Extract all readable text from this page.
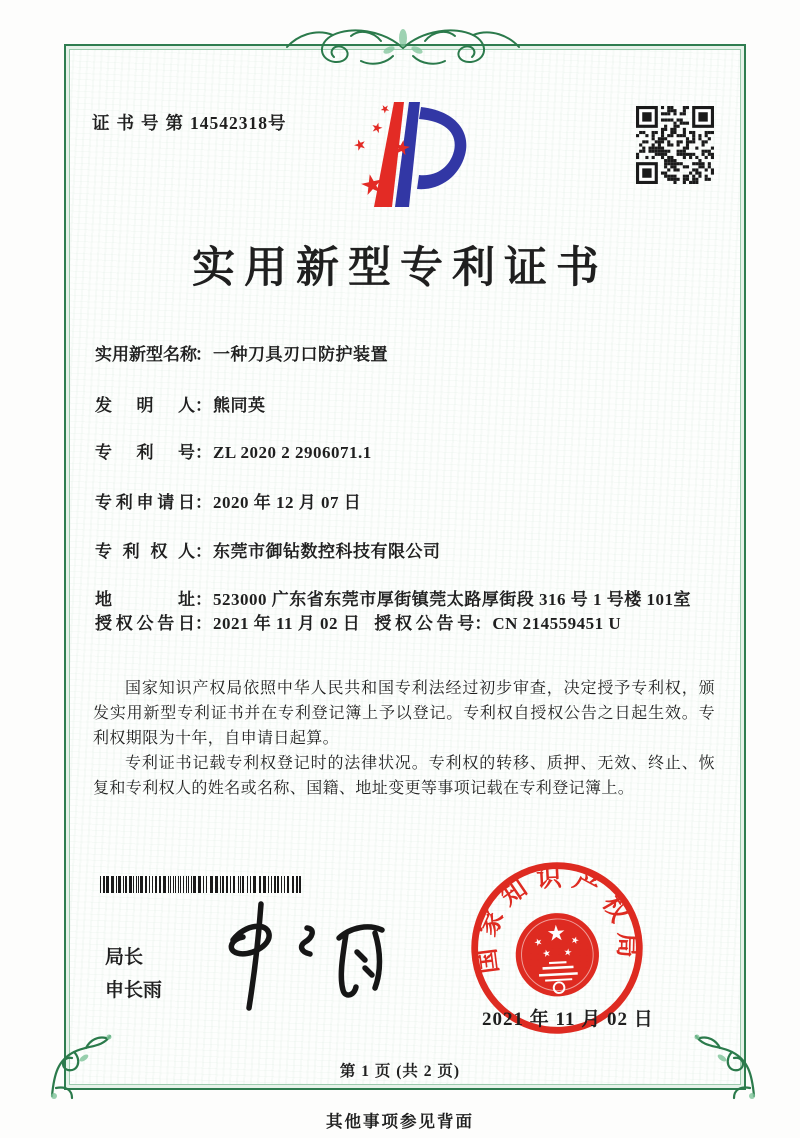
证书号第14542318号
实用新型专利证书
实用新型名称：一种刀具刃口防护装置
发明人：熊同英
专利号：ZL 2020 2 2906071.1
专利申请日：2020 年 12 月 07 日
专利权人：东莞市御钻数控科技有限公司
地址：523000 广东省东莞市厚街镇莞太路厚街段 316 号 1 号楼 101室
授权公告日：2021 年 11 月 02 日 授权公告号：CN 214559451 U

国家知识产权局依照中华人民共和国专利法经过初步审查，决定授予专利权，颁发实用新型专利证书并在专利登记簿上予以登记。专利权自授权公告之日起生效。专利权期限为十年，自申请日起算。

专利证书记载专利权登记时的法律状况。专利权的转移、质押、无效、终止、恢复和专利权人的姓名或名称、国籍、地址变更等事项记载在专利登记簿上。

局长
申长雨
国家知识产权局
2021 年 11 月 02 日
第 1 页 (共 2 页)
其他事项参见背面
